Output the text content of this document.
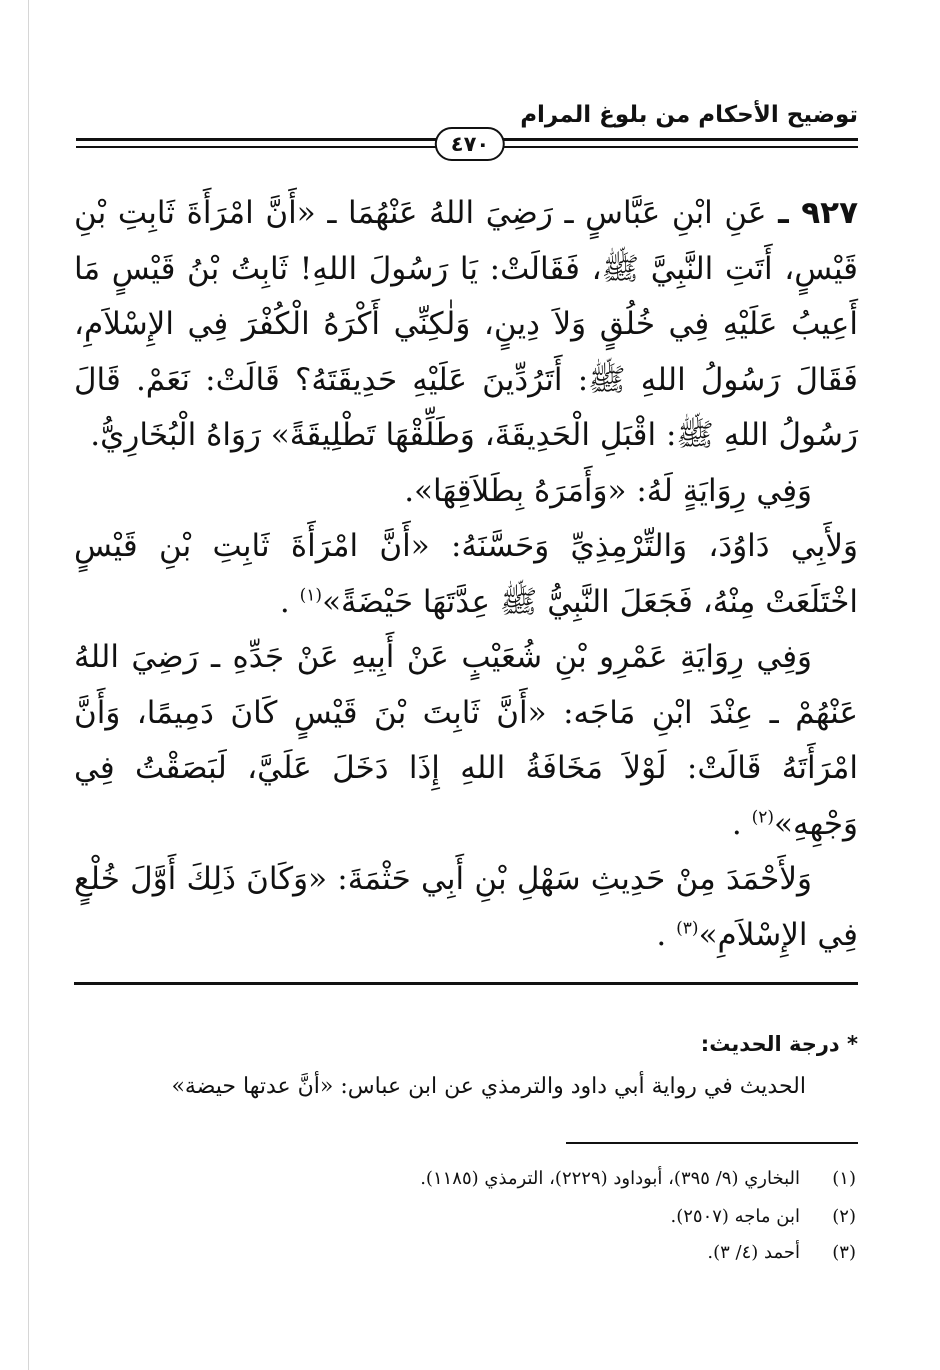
توضيح الأحكام من بلوغ المرام
٤٧٠

٩٢٧ ـ عَنِ ابْنِ عَبَّاسٍ ـ رَضِيَ اللهُ عَنْهُمَا ـ «أَنَّ امْرَأَةَ ثَابِتِ بْنِ قَيْسٍ، أَتَتِ النَّبِيَّ ﷺ، فَقَالَتْ: يَا رَسُولَ اللهِ! ثَابِتُ بْنُ قَيْسٍ مَا أَعِيبُ عَلَيْهِ فِي خُلُقٍ وَلاَ دِينٍ، وَلٰكِنِّي أَكْرَهُ الْكُفْرَ فِي الإِسْلاَمِ، فَقَالَ رَسُولُ اللهِ ﷺ: أَتَرُدِّينَ عَلَيْهِ حَدِيقَتَهُ؟ قَالَتْ: نَعَمْ. قَالَ رَسُولُ اللهِ ﷺ: اقْبَلِ الْحَدِيقَةَ، وَطَلِّقْهَا تَطْلِيقَةً» رَوَاهُ الْبُخَارِيُّ.

وَفِي رِوَايَةٍ لَهُ: «وَأَمَرَهُ بِطَلاَقِهَا».

وَلأَبِي دَاوُدَ، وَالتِّرْمِذِيِّ وَحَسَّنَهُ: «أَنَّ امْرَأَةَ ثَابِتِ بْنِ قَيْسٍ اخْتَلَعَتْ مِنْهُ، فَجَعَلَ النَّبِيُّ ﷺ عِدَّتَهَا حَيْضَةً»$^{(١)}$ .

وَفِي رِوَايَةِ عَمْرِو بْنِ شُعَيْبٍ عَنْ أَبِيهِ عَنْ جَدِّهِ ـ رَضِيَ اللهُ عَنْهُمْ ـ عِنْدَ ابْنِ مَاجَه: «أَنَّ ثَابِتَ بْنَ قَيْسٍ كَانَ دَمِيمًا، وَأَنَّ امْرَأَتَهُ قَالَتْ: لَوْلاَ مَخَافَةُ اللهِ إِذَا دَخَلَ عَلَيَّ، لَبَصَقْتُ فِي وَجْهِهِ»$^{(٢)}$ .

وَلأَحْمَدَ مِنْ حَدِيثِ سَهْلِ بْنِ أَبِي حَثْمَةَ: «وَكَانَ ذَلِكَ أَوَّلَ خُلْعٍ فِي الإِسْلاَمِ»$^{(٣)}$ .

* درجة الحديث:
الحديث في رواية أبي داود والترمذي عن ابن عباس: «أنَّ عدتها حيضة»
(١)البخاري (٩/ ٣٩٥)، أبوداود (٢٢٢٩)، الترمذي (١١٨٥).
(٢)ابن ماجه (٢٥٠٧).
(٣)أحمد (٤/ ٣).
